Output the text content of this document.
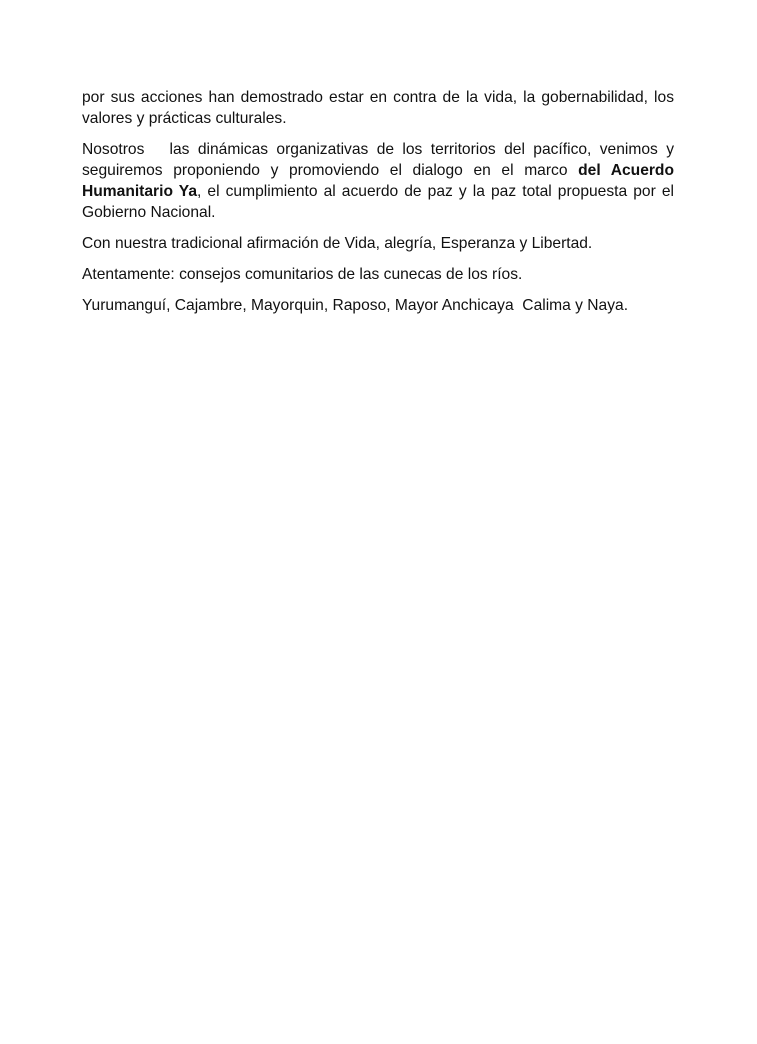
por sus acciones han demostrado estar en contra de la vida, la gobernabilidad, los valores y prácticas culturales.

Nosotros   las dinámicas organizativas de los territorios del pacífico, venimos y seguiremos proponiendo y promoviendo el dialogo en el marco del Acuerdo Humanitario Ya, el cumplimiento al acuerdo de paz y la paz total propuesta por el Gobierno Nacional.

Con nuestra tradicional afirmación de Vida, alegría, Esperanza y Libertad.

Atentamente: consejos comunitarios de las cunecas de los ríos.

Yurumanguí, Cajambre, Mayorquin, Raposo, Mayor Anchicaya  Calima y Naya.
